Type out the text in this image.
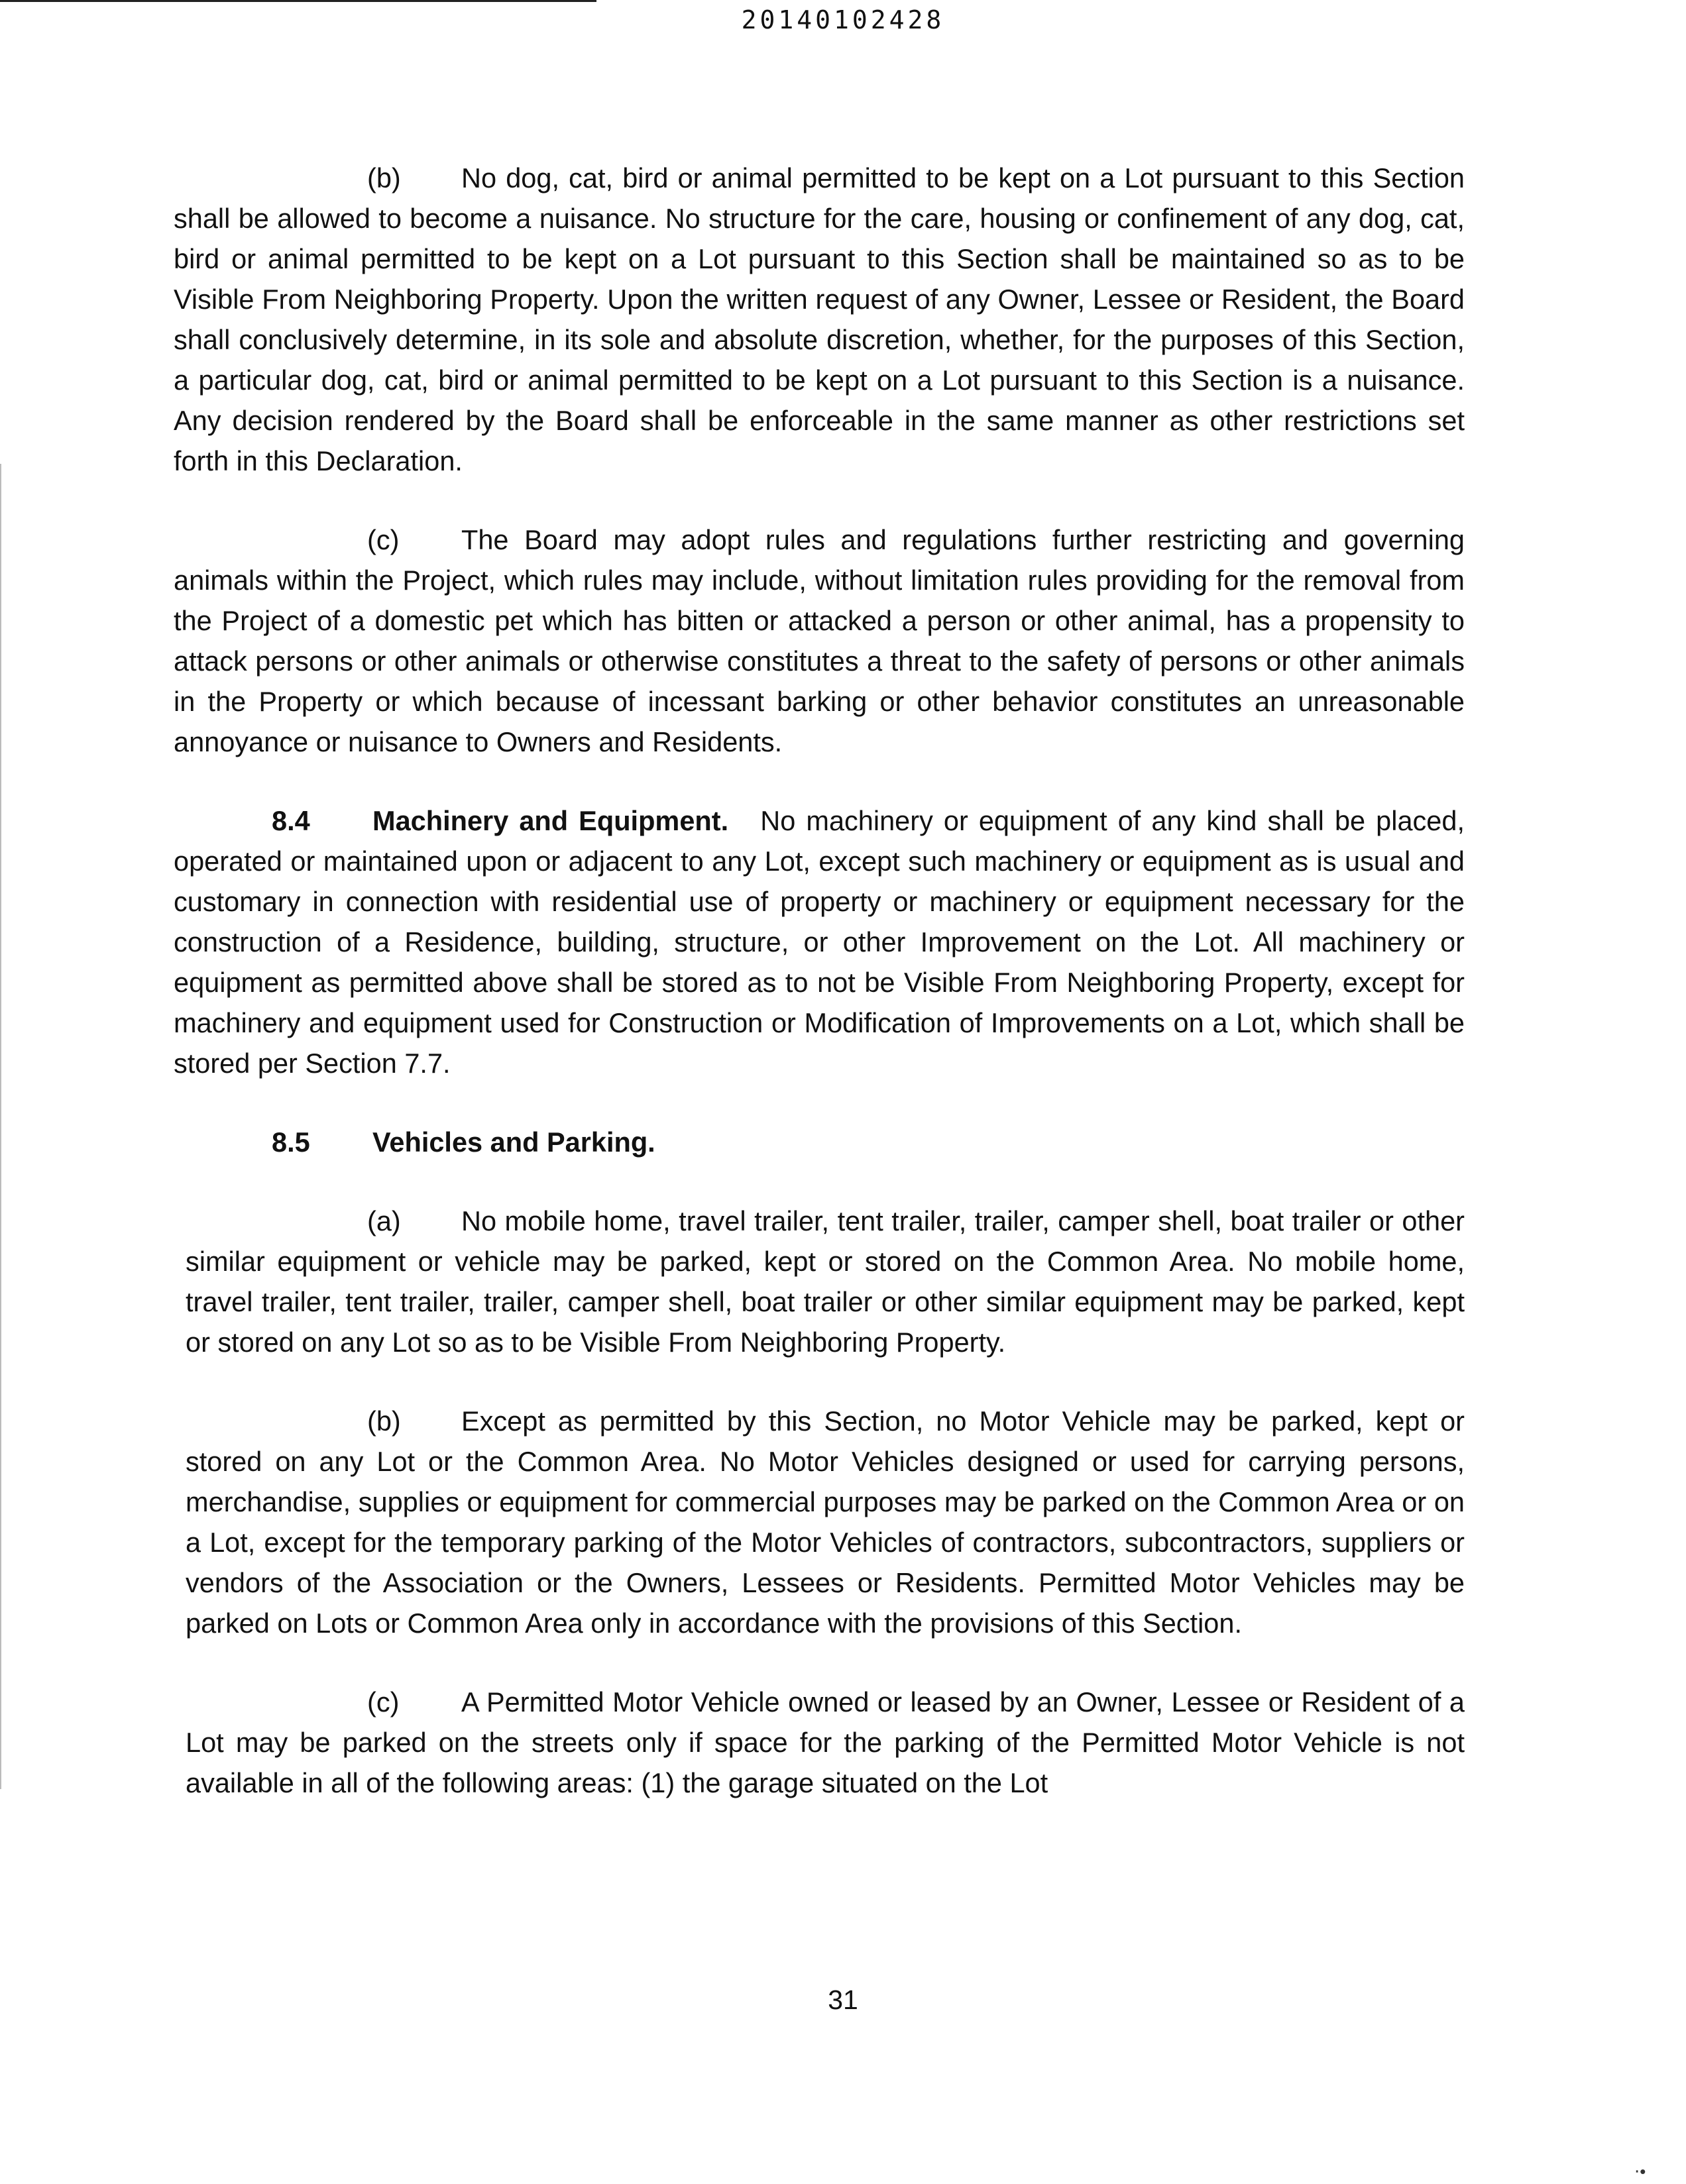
20140102428

(b) No dog, cat, bird or animal permitted to be kept on a Lot pursuant to this Section shall be allowed to become a nuisance. No structure for the care, housing or confinement of any dog, cat, bird or animal permitted to be kept on a Lot pursuant to this Section shall be maintained so as to be Visible From Neighboring Property. Upon the written request of any Owner, Lessee or Resident, the Board shall conclusively determine, in its sole and absolute discretion, whether, for the purposes of this Section, a particular dog, cat, bird or animal permitted to be kept on a Lot pursuant to this Section is a nuisance. Any decision rendered by the Board shall be enforceable in the same manner as other restrictions set forth in this Declaration.

(c) The Board may adopt rules and regulations further restricting and governing animals within the Project, which rules may include, without limitation rules providing for the removal from the Project of a domestic pet which has bitten or attacked a person or other animal, has a propensity to attack persons or other animals or otherwise constitutes a threat to the safety of persons or other animals in the Property or which because of incessant barking or other behavior constitutes an unreasonable annoyance or nuisance to Owners and Residents.

8.4 Machinery and Equipment. No machinery or equipment of any kind shall be placed, operated or maintained upon or adjacent to any Lot, except such machinery or equipment as is usual and customary in connection with residential use of property or machinery or equipment necessary for the construction of a Residence, building, structure, or other Improvement on the Lot. All machinery or equipment as permitted above shall be stored as to not be Visible From Neighboring Property, except for machinery and equipment used for Construction or Modification of Improvements on a Lot, which shall be stored per Section 7.7.

8.5 Vehicles and Parking.

(a) No mobile home, travel trailer, tent trailer, trailer, camper shell, boat trailer or other similar equipment or vehicle may be parked, kept or stored on the Common Area. No mobile home, travel trailer, tent trailer, trailer, camper shell, boat trailer or other similar equipment may be parked, kept or stored on any Lot so as to be Visible From Neighboring Property.

(b) Except as permitted by this Section, no Motor Vehicle may be parked, kept or stored on any Lot or the Common Area. No Motor Vehicles designed or used for carrying persons, merchandise, supplies or equipment for commercial purposes may be parked on the Common Area or on a Lot, except for the temporary parking of the Motor Vehicles of contractors, subcontractors, suppliers or vendors of the Association or the Owners, Lessees or Residents. Permitted Motor Vehicles may be parked on Lots or Common Area only in accordance with the provisions of this Section.

(c) A Permitted Motor Vehicle owned or leased by an Owner, Lessee or Resident of a Lot may be parked on the streets only if space for the parking of the Permitted Motor Vehicle is not available in all of the following areas: (1) the garage situated on the Lot

31
⋅•
